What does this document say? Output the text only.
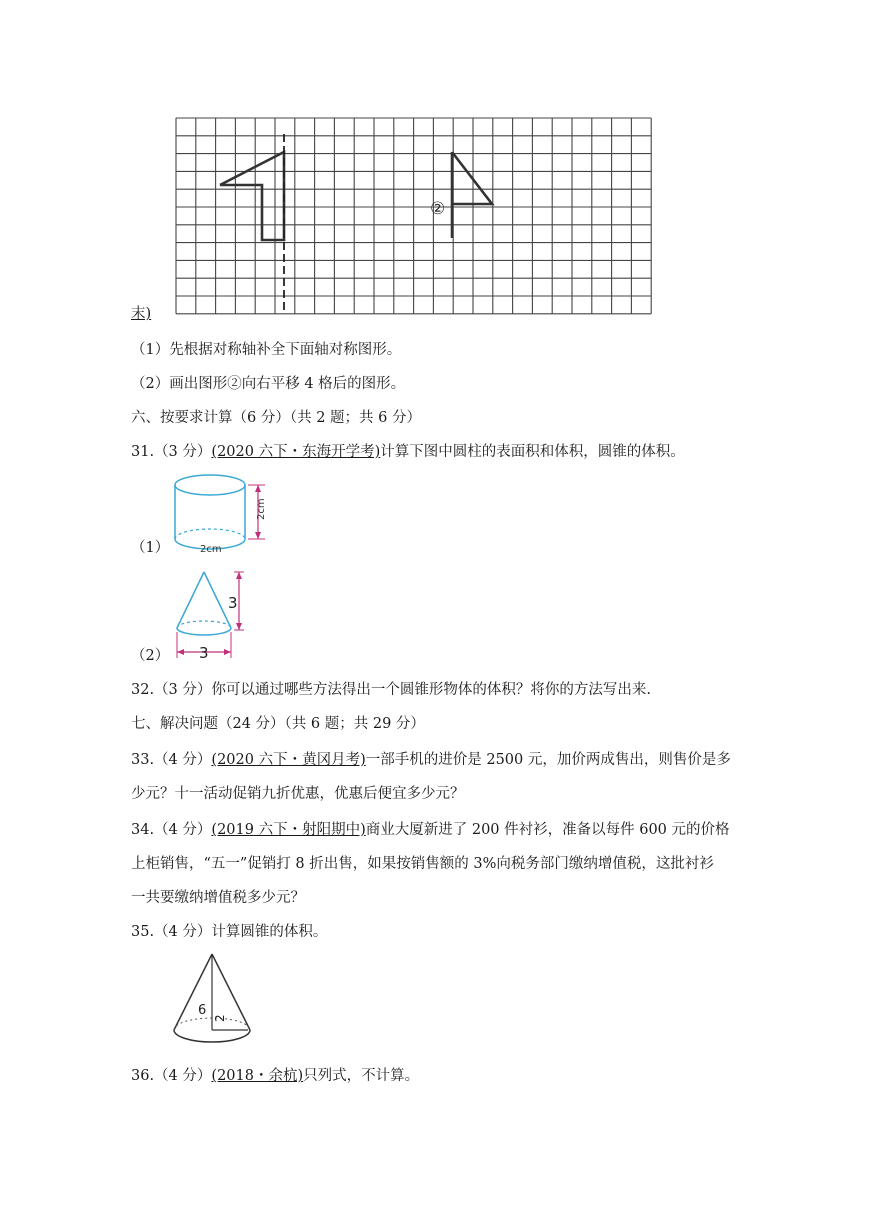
②
末)
（1）先根据对称轴补全下面轴对称图形。
（2）画出图形②向右平移 4 格后的图形。
六、按要求计算（6 分）（共 2 题；共 6 分）
31.（3 分）(2020 六下・东海开学考)计算下图中圆柱的表面积和体积，圆锥的体积。
（1）
2cm
2cm
（2）
3
3
32.（3 分）你可以通过哪些方法得出一个圆锥形物体的体积？将你的方法写出来.
七、解决问题（24 分）（共 6 题；共 29 分）
33.（4 分）(2020 六下・黄冈月考)一部手机的进价是 2500 元，加价两成售出，则售价是多
少元？十一活动促销九折优惠，优惠后便宜多少元？
34.（4 分）(2019 六下・射阳期中)商业大厦新进了 200 件衬衫，准备以每件 600 元的价格
上柜销售，“五一”促销打 8 折出售，如果按销售额的 3%向税务部门缴纳增值税，这批衬衫
一共要缴纳增值税多少元？
35.（4 分）计算圆锥的体积。
6
2
36.（4 分）(2018・余杭)只列式，不计算。
